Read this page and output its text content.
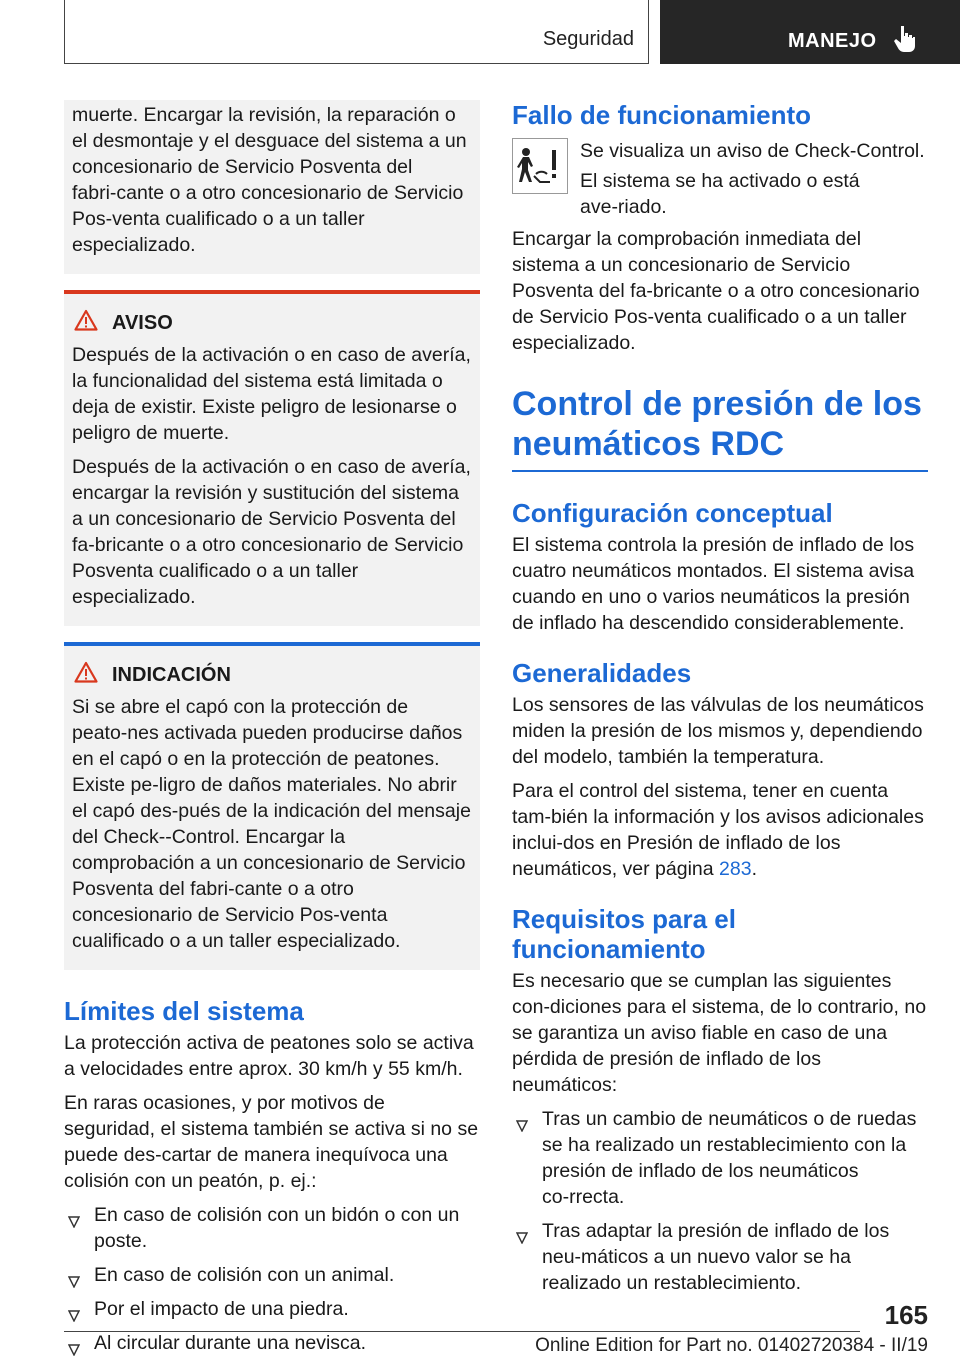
Seguridad	MANEJO

muerte. Encargar la revisión, la reparación o el desmontaje y el desguace del sistema a un concesionario de Servicio Posventa del fabri‑cante o a otro concesionario de Servicio Pos‑venta cualificado o a un taller especializado.

AVISO

Después de la activación o en caso de avería, la funcionalidad del sistema está limitada o deja de existir. Existe peligro de lesionarse o peligro de muerte.

Después de la activación o en caso de avería, encargar la revisión y sustitución del sistema a un concesionario de Servicio Posventa del fa‑bricante o a otro concesionario de Servicio Posventa cualificado o a un taller especializado.

INDICACIÓN

Si se abre el capó con la protección de peato‑nes activada pueden producirse daños en el capó o en la protección de peatones. Existe pe‑ligro de daños materiales. No abrir el capó des‑pués de la indicación del mensaje del Check‑-Control. Encargar la comprobación a un concesionario de Servicio Posventa del fabri‑cante o a otro concesionario de Servicio Pos‑venta cualificado o a un taller especializado.

Límites del sistema

La protección activa de peatones solo se activa a velocidades entre aprox. 30 km/h y 55 km/h.

En raras ocasiones, y por motivos de seguridad, el sistema también se activa si no se puede des‑cartar de manera inequívoca una colisión con un peatón, p. ej.:

En caso de colisión con un bidón o con un poste.
En caso de colisión con un animal.
Por el impacto de una piedra.
Al circular durante una nevisca.
Fallo de funcionamiento

Se visualiza un aviso de Check-Control.

El sistema se ha activado o está ave‑riado.

Encargar la comprobación inmediata del sistema a un concesionario de Servicio Posventa del fa‑bricante o a otro concesionario de Servicio Pos‑venta cualificado o a un taller especializado.

Control de presión de los neumáticos RDC
Configuración conceptual

El sistema controla la presión de inflado de los cuatro neumáticos montados. El sistema avisa cuando en uno o varios neumáticos la presión de inflado ha descendido considerablemente.

Generalidades

Los sensores de las válvulas de los neumáticos miden la presión de los mismos y, dependiendo del modelo, también la temperatura.

Para el control del sistema, tener en cuenta tam‑bién la información y los avisos adicionales inclui‑dos en Presión de inflado de los neumáticos, ver página 283.

Requisitos para el funcionamiento

Es necesario que se cumplan las siguientes con‑diciones para el sistema, de lo contrario, no se garantiza un aviso fiable en caso de una pérdida de presión de inflado de los neumáticos:

Tras un cambio de neumáticos o de ruedas se ha realizado un restablecimiento con la presión de inflado de los neumáticos co‑rrecta.
Tras adaptar la presión de inflado de los neu‑máticos a un nuevo valor se ha realizado un restablecimiento.
165
Online Edition for Part no. 01402720384 - II/19
